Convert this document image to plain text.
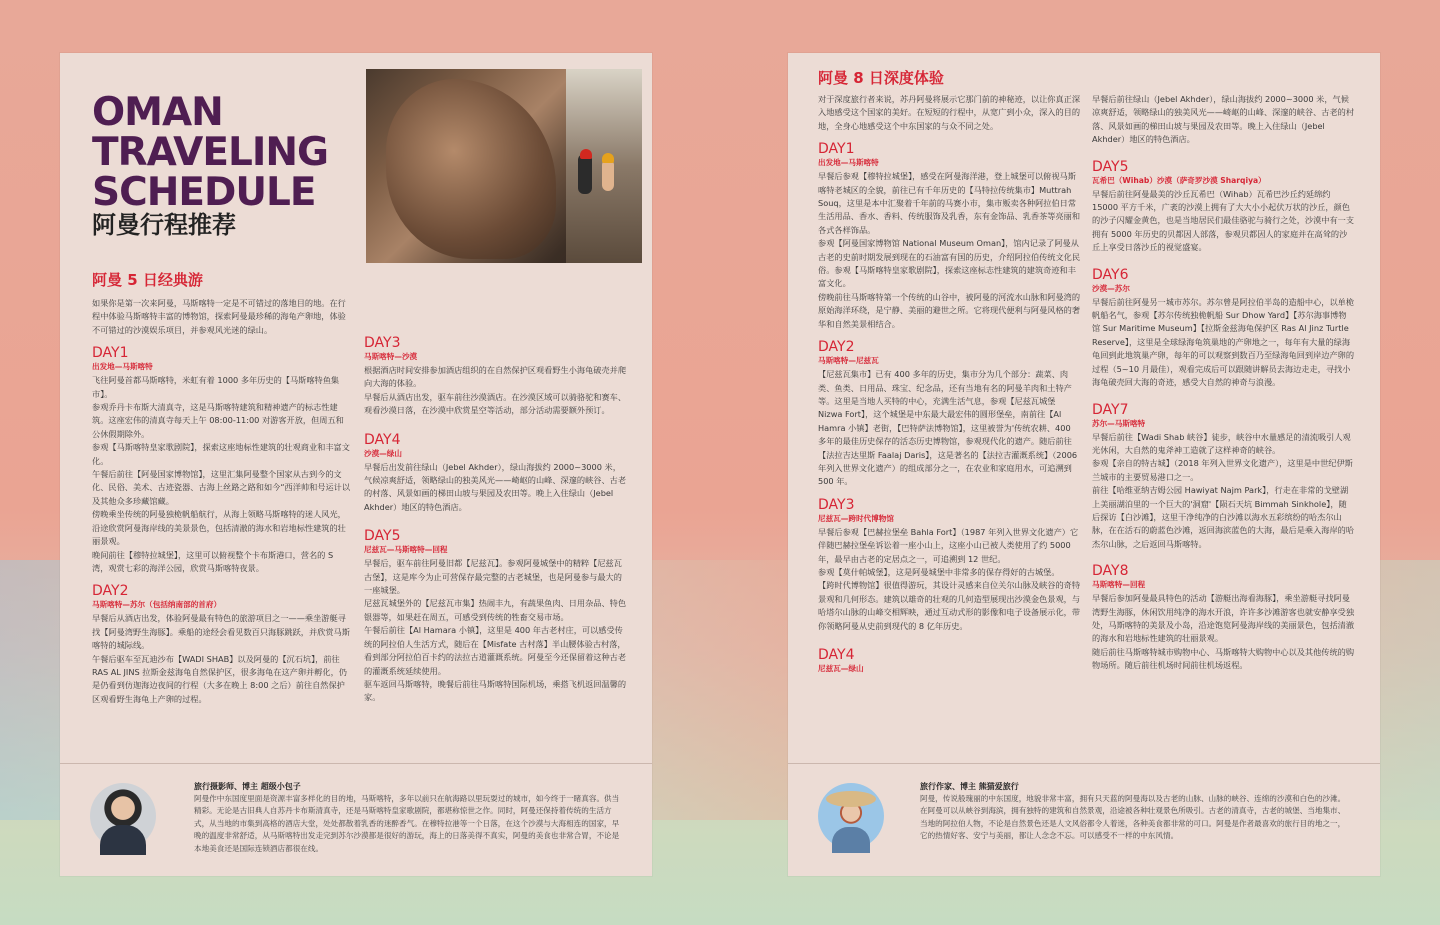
OMAN
TRAVELING
SCHEDULE
阿曼行程推荐
阿曼 5 日经典游

如果你是第一次来阿曼，马斯喀特一定是不可错过的落地目的地。在行程中体验马斯喀特丰富的博物馆，探索阿曼最珍稀的海龟产卵地，体验不可错过的沙漠娱乐项目，并参观风光迷的绿山。

DAY1
出发地—马斯喀特

飞往阿曼首都马斯喀特，米虹有着 1000 多年历史的【马斯喀特鱼集市】。
参观乔丹卡布斯大清真寺，这是马斯喀特建筑和精神遗产的标志性建筑。这座宏伟的清真寺每天上午 08:00-11:00 对游客开放，但周五和公休假期除外。
参观【马斯喀特皇家歌剧院】，探索这座地标性建筑的壮观商业和丰富文化。
午餐后前往【阿曼国家博物馆】，这里汇集阿曼整个国家从古到今的文化、民俗、美术、古迹瓷器、古海上丝路之路和如今“西洋帅和号运计以及其他众多珍藏馆藏。
傍晚乘坐传统的阿曼独桅帆船航行，从海上领略马斯喀特的迷人风光，沿途欣赏阿曼海岸线的美景景色，包括清澈的海水和岩地标性建筑的壮丽景观。
晚间前往【穆特拉城堡】，这里可以俯视整个卡布斯港口，营名的 S 湾，观赏七彩的海洋公园，欣赏马斯喀特夜景。

DAY2
马斯喀特—苏尔（包括纳南部的首府）

早餐后从酒店出发，体验阿曼最有特色的旅游项目之一——乘坐游艇寻找【阿曼湾野生海豚】。乘船的途经会看见数百只海豚跳跃，并欣赏马斯喀特的城际线。
午餐后驱车至瓦迪沙布【WADI SHAB】以及阿曼的【沉石坑】，前往 RAS AL JINS 拉斯金兹海龟自然保护区，很多海龟在这产卵并孵化，仍是仍看到仿迦海边夜间的行程（大多在晚上 8:00 之后）前往自然保护区观看野生海龟上产卵的过程。

DAY3
马斯喀特—沙漠

根据酒店时间安排参加酒店组织的在自然保护区观看野生小海龟破壳并爬向大海的体验。
早餐后从酒店出发，驱车前往沙漠酒店。在沙漠区域可以骑骆驼和赛车、观看沙漠日落，在沙漠中欣赏星空等活动，部分活动需要额外预订。

DAY4
沙漠—绿山

早餐后出发前往绿山（Jebel Akhder），绿山海拔约 2000~3000 米，气候凉爽舒适，领略绿山的独美风光——崎岖的山峰、深邃的峡谷、古老的村落、风景如画的梯田山坡与果园及农田等。晚上入住绿山（Jebel Akhder）地区的特色酒店。

DAY5
尼兹瓦—马斯喀特—回程

早餐后，驱车前往阿曼旧都【尼兹瓦】。参观阿曼城堡中的精粹【尼兹瓦古堡】，这是库今为止可营保存最完整的古老城堡，也是阿曼参与最大的一座城堡。
尼兹瓦城堡外的【尼兹瓦市集】热闹丰九，有蔬果鱼肉、日用杂品、特色银器等，如果赶在周五，可感受到传统的牲畜交易市场。
午餐后前往【Al Hamara 小镇】，这里是 400 年古老村庄，可以感受传统的阿拉伯人生活方式，随后在【Misfate 古村落】半山腰体验古村落，看到部分阿拉伯百卡约的法拉古道灌溉系统。阿曼至今还保留着这种古老的灌溉系统延续使用。
驱车返回马斯喀特，晚餐后前往马斯喀特国际机场，乘搭飞机返回温馨的家。

旅行摄影师、博主 超级小包子
阿曼作中东国度里面是资源丰富多样化的目的地，马斯喀特，多年以前只在航海路以里玩耍过的城市，如今终于一睹真容。供当精彩。无论是古旧典人自苏丹卡布斯清真寺，还是马斯喀特皇家歌剧院，都堪称惊世之作。同时，阿曼还保持着传统的生活方式，从当地的市集到高格的酒店大堂，处处都散着乳香的迷醉香气。在穆特拉港等一个日落，在这个沙漠与大海相连的国家，早晚的温度非常舒适，从马斯喀特出发走完到苏尔沙漠都是很好的游玩，海上的日落美得不真实，阿曼的美食也非常合胃，不论是本地美食还是国际连锁酒店都很在线。
阿曼 8 日深度体验

对于深度旅行者来说，苏丹阿曼将展示它那门前的神秘迹，以让你真正深入地感受这个国家的美好。在短短的行程中，从宽广到小众，深入的目的地，全身心地感受这个中东国家的与众不同之处。

DAY1
出发地—马斯喀特

早餐后参观【穆特拉城堡】，感受在阿曼海洋港，登上城堡可以俯视马斯喀特老城区的全貌，前往已有千年历史的【马特拉传统集市】Muttrah Souq，这里是本中汇聚着千年前的马赛小市，集市贩卖各种阿拉伯日常生活用品、香水、香料、传统服饰及乳香，东有金饰品、乳香茶等亮丽和各式各样饰品。
参观【阿曼国家博物馆 National Museum Oman】，馆内记录了阿曼从古老的史前时期发展到现在的石油富有国的历史，介绍阿拉伯传统文化民俗。参观【马斯喀特皇家歌剧院】，探索这座标志性建筑的建筑奇迹和丰富文化。
傍晚前往马斯喀特第一个传统的山谷中，被阿曼的河流水山脉和阿曼湾的原始海洋环绕，是宁静、美丽的避世之所。它将现代便利与阿曼风格的奢华和自然美景相结合。

DAY2
马斯喀特—尼兹瓦

【尼兹瓦集市】已有 400 多年的历史，集市分为几个部分：蔬菜、肉类、鱼类、日用品、珠宝、纪念品，还有当地有名的阿曼羊肉和土特产等。这里是当地人买特的中心，充满生活气息，参观【尼兹瓦城堡 Nizwa Fort】，这个城堡是中东最大最宏伟的圆形堡垒，南前往【Al Hamra 小镇】老街，【巴特萨法博物馆】，这里被誉为'传统农耕、400 多年的最佳历史保存的活态历史博物馆，参观现代化的遗产。随后前往【法拉吉达里斯 Faalaj Daris】，这是著名的【法拉吉灌溉系统】（2006 年列入世界文化遗产）的组成部分之一，在农业和家庭用水，可追溯到 500 年。

DAY3
尼兹瓦—跨时代博物馆

早餐后参观【巴赫拉堡垒 Bahla Fort】（1987 年列入世界文化遗产）它伴随巴赫拉堡垒诉讼着一座小山上，这座小山已被人类使用了约 5000 年，最早由古老的定居点之一，可追溯到 12 世纪。
参观【莫什帕城堡】，这是阿曼城堡中非常多的保存得好的古城堡。
【跨时代博物馆】很值得游玩，其设计灵感来自位关尔山脉及峡谷的奇特景观和几何形态。建筑以雄奇的壮观的几何造型展现出沙漠金色景观，与哈塔尔山脉的山峰交相辉映，通过互动式形的影像和电子设备展示化，带你领略阿曼从史前到现代的 8 亿年历史。

DAY4
尼兹瓦—绿山

早餐后前往绿山（Jebel Akhder），绿山海拔约 2000~3000 米，气候凉爽舒适，领略绿山的独美风光——崎岖的山峰、深邃的峡谷、古老的村落、风景如画的梯田山坡与果园及农田等。晚上入住绿山（Jebel Akhder）地区的特色酒店。

DAY5
瓦希巴（Wihab）沙漠（萨奇罗沙漠 Sharqiya）

早餐后前往阿曼最美的沙丘瓦希巴（Wihab）瓦希巴沙丘约延绵约 15000 平方千米，广袤的沙漠上拥有了大大小小起伏万状的沙丘，颜色的沙子闪耀金黄色，也是当地居民们最佳骆驼与骑行之处，沙漠中有一支拥有 5000 年历史的贝都因人部落，参观贝都因人的家庭并在高耸的沙丘上享受日落沙丘的视觉盛宴。

DAY6
沙漠—苏尔

早餐后前往阿曼另一城市苏尔。苏尔曾是阿拉伯半岛的造船中心，以单桅帆船名气，参观【苏尔传统独桅帆船 Sur Dhow Yard】【苏尔海事博物馆 Sur Maritime Museum】【拉斯金兹海龟保护区 Ras Al Jinz Turtle Reserve】，这里是全球绿海龟筑巢地的产卵地之一，每年有大量的绿海龟回到此地筑巢产卵，每年的可以观察到数百乃至绿海龟回到岸边产卵的过程（5~10 月最佳），观看完成后可以跟随讲解员去海边走走，寻找小海龟破壳回大海的奇迹，感受大自然的神奇与浪漫。

DAY7
苏尔—马斯喀特

早餐后前往【Wadi Shab 峡谷】徒步，峡谷中水量感足的清流吸引人观光休闲，大自然的鬼斧神工造就了这样神奇的峡谷。
参观【亲自的特古城】（2018 年列入世界文化遗产），这里是中世纪伊斯兰城市的主要贸易港口之一。
前往【哈维亚纳吉姆公园 Hawiyat Najm Park】，行走在非常的戈壁湖上美丽湖泊里的一个巨大的'洞窟'【陨石天坑 Bimmah Sinkhole】，随后探访【白沙滩】，这里干净纯净的白沙滩以海水五彩缤纷的哈杰尔山脉，在在活石的蔚蓝色沙滩，返回海滨蓝色的大海，最后是乘入海岸的哈杰尔山脉，之后返回马斯喀特。

DAY8
马斯喀特—回程

早餐后参加阿曼最具特色的活动【游艇出海看海豚】，乘坐游艇寻找阿曼湾野生海豚，休闲饮用纯净的海水开浪，许许多沙滩游客也就安静享受独处，马斯喀特的美景及小岛，沿途饱览阿曼海岸线的美丽景色，包括清澈的海水和岩地标性建筑的壮丽景观。
随后前往马斯喀特城市购物中心、马斯喀特大购物中心以及其他传统的购物场所。随后前往机场时间前往机场返程。

旅行作家、博主 熊猫爱旅行
阿曼，传说般瑰丽的中东国度，地貌非常丰富，拥有只天蓝的阿曼海以及古老的山脉、山脉的峡谷、连绵的沙漠和白色的沙滩。在阿曼可以从峡谷到海滨，拥有独特的建筑和自然景观，沿途被各种壮观景色所吸引。古老的清真寺，古老的城堡、当地集市、当地的阿拉伯人物，不论是自然景色还是人文风俗都令人着迷，各种美食都非常的可口。阿曼是作者最喜欢的旅行目的地之一，它的热情好客、安宁与美丽，都让人念念不忘。可以感受不一样的中东风情。
